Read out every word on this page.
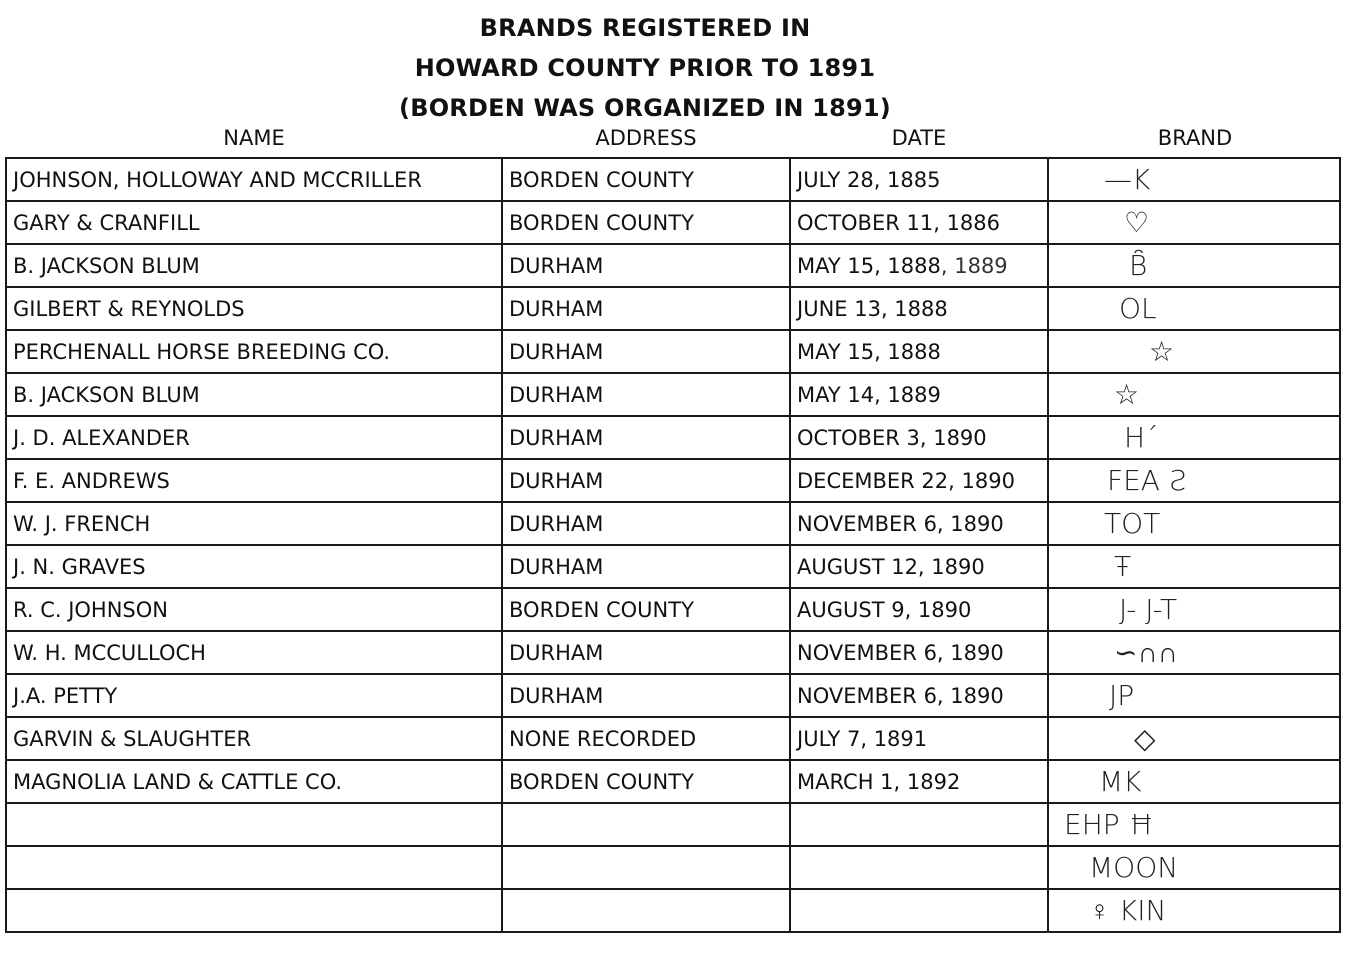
BRANDS REGISTERED IN
HOWARD COUNTY PRIOR TO 1891
(BORDEN WAS ORGANIZED IN 1891)
NAME	ADDRESS	DATE	BRAND
JOHNSON, HOLLOWAY AND MCCRILLER	BORDEN COUNTY	JULY 28, 1885	—K

GARY & CRANFILL	BORDEN COUNTY	OCTOBER 11, 1886	♡

B. JACKSON BLUM	DURHAM	MAY 15, 1888, 1889	B̑

GILBERT & REYNOLDS	DURHAM	JUNE 13, 1888	OL

PERCHENALL HORSE BREEDING CO.	DURHAM	MAY 15, 1888	☆

B. JACKSON BLUM	DURHAM	MAY 14, 1889	☆

J. D. ALEXANDER	DURHAM	OCTOBER 3, 1890	H´

F. E. ANDREWS	DURHAM	DECEMBER 22, 1890	FEA Ƨ

W. J. FRENCH	DURHAM	NOVEMBER 6, 1890	TOT

J. N. GRAVES	DURHAM	AUGUST 12, 1890	Ŧ

R. C. JOHNSON	BORDEN COUNTY	AUGUST 9, 1890	J- J-T

W. H. MCCULLOCH	DURHAM	NOVEMBER 6, 1890	∽∩∩

J.A. PETTY	DURHAM	NOVEMBER 6, 1890	JP

GARVIN & SLAUGHTER	NONE RECORDED	JULY 7, 1891	◇

MAGNOLIA LAND & CATTLE CO.	BORDEN COUNTY	MARCH 1, 1892	MK

			EHP Ħ

			MOON

			♀ KIN
